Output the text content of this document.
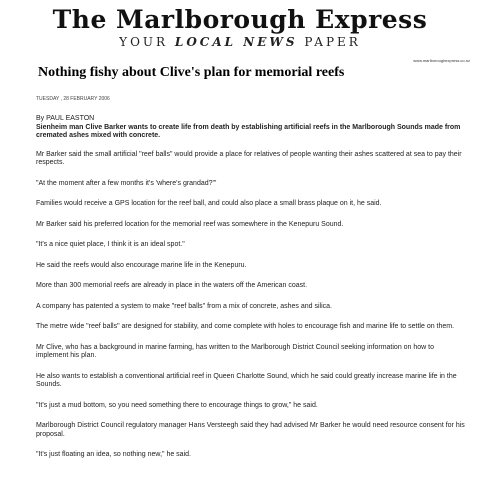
The Marlborough Express
YOUR LOCAL NEWS PAPER
www.marlboroughexpress.co.nz
Nothing fishy about Clive's plan for memorial reefs
TUESDAY , 28 FEBRUARY 2006

By PAUL EASTON

Sienheim man Clive Barker wants to create life from death by establishing artificial reefs in the Marlborough Sounds made from cremated ashes mixed with concrete.

Mr Barker said the small artificial "reef balls" would provide a place for relatives of people wanting their ashes scattered at sea to pay their respects.

"At the moment after a few months it's 'where's grandad?'"

Families would receive a GPS location for the reef ball, and could also place a small brass plaque on it, he said.

Mr Barker said his preferred location for the memorial reef was somewhere in the Kenepuru Sound.

"It's a nice quiet place, I think it is an ideal spot."

He said the reefs would also encourage marine life in the Kenepuru.

More than 300 memorial reefs are already in place in the waters off the American coast.

A company has patented a system to make "reef balls" from a mix of concrete, ashes and silica.

The metre wide "reef balls" are designed for stability, and come complete with holes to encourage fish and marine life to settle on them.

Mr Clive, who has a background in marine farming, has written to the Marlborough District Council seeking information on how to implement his plan.

He also wants to establish a conventional artificial reef in Queen Charlotte Sound, which he said could greatly increase marine life in the Sounds.

"It's just a mud bottom, so you need something there to encourage things to grow," he said.

Marlborough District Council regulatory manager Hans Versteegh said they had advised Mr Barker he would need resource consent for his proposal.

"It's just floating an idea, so nothing new," he said.
